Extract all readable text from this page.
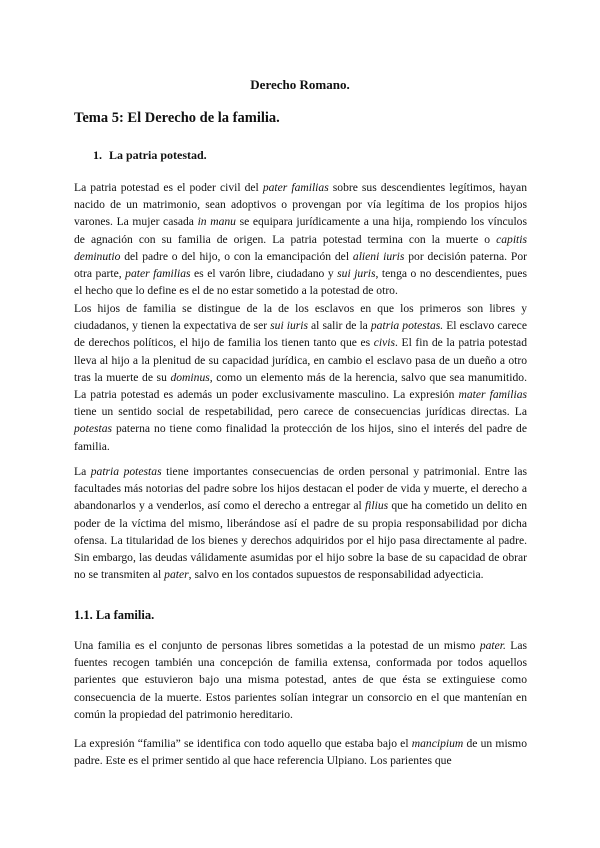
Derecho Romano.
Tema 5: El Derecho de la familia.
1. La patria potestad.

La patria potestad es el poder civil del pater familias sobre sus descendientes legítimos, hayan nacido de un matrimonio, sean adoptivos o provengan por vía legítima de los propios hijos varones. La mujer casada in manu se equipara jurídicamente a una hija, rompiendo los vínculos de agnación con su familia de origen. La patria potestad termina con la muerte o capitis deminutio del padre o del hijo, o con la emancipación del alieni iuris por decisión paterna. Por otra parte, pater familias es el varón libre, ciudadano y sui juris, tenga o no descendientes, pues el hecho que lo define es el de no estar sometido a la potestad de otro.

Los hijos de familia se distingue de la de los esclavos en que los primeros son libres y ciudadanos, y tienen la expectativa de ser sui iuris al salir de la patria potestas. El esclavo carece de derechos políticos, el hijo de familia los tienen tanto que es civis. El fin de la patria potestad lleva al hijo a la plenitud de su capacidad jurídica, en cambio el esclavo pasa de un dueño a otro tras la muerte de su dominus, como un elemento más de la herencia, salvo que sea manumitido. La patria potestad es además un poder exclusivamente masculino. La expresión mater familias tiene un sentido social de respetabilidad, pero carece de consecuencias jurídicas directas. La potestas paterna no tiene como finalidad la protección de los hijos, sino el interés del padre de familia.

La patria potestas tiene importantes consecuencias de orden personal y patrimonial. Entre las facultades más notorias del padre sobre los hijos destacan el poder de vida y muerte, el derecho a abandonarlos y a venderlos, así como el derecho a entregar al filius que ha cometido un delito en poder de la víctima del mismo, liberándose así el padre de su propia responsabilidad por dicha ofensa. La titularidad de los bienes y derechos adquiridos por el hijo pasa directamente al padre. Sin embargo, las deudas válidamente asumidas por el hijo sobre la base de su capacidad de obrar no se transmiten al pater, salvo en los contados supuestos de responsabilidad adyecticia.

1.1. La familia.

Una familia es el conjunto de personas libres sometidas a la potestad de un mismo pater. Las fuentes recogen también una concepción de familia extensa, conformada por todos aquellos parientes que estuvieron bajo una misma potestad, antes de que ésta se extinguiese como consecuencia de la muerte. Estos parientes solían integrar un consorcio en el que mantenían en común la propiedad del patrimonio hereditario.

La expresión “familia” se identifica con todo aquello que estaba bajo el mancipium de un mismo padre. Este es el primer sentido al que hace referencia Ulpiano. Los parientes que
